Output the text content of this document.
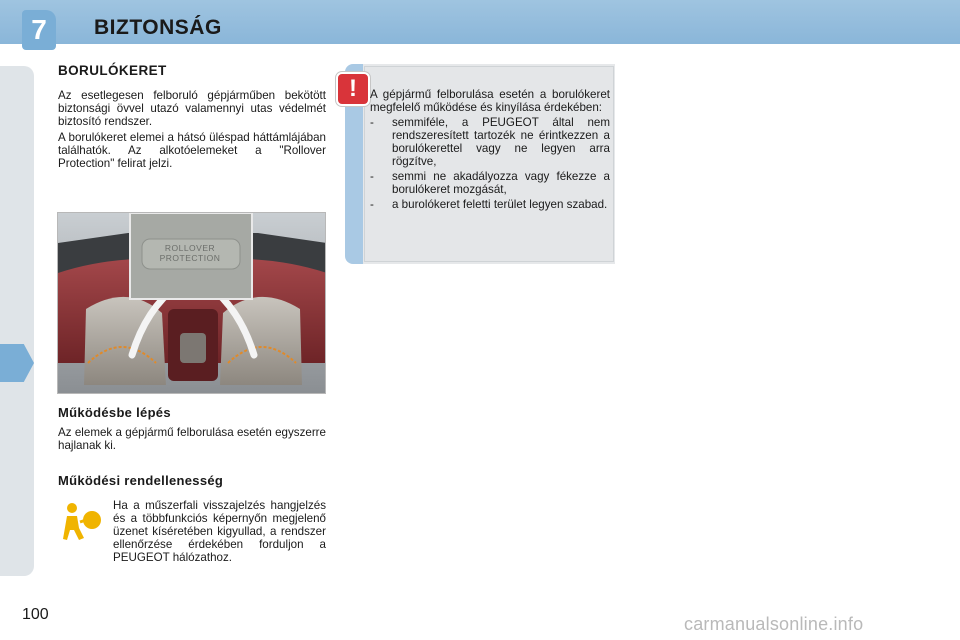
7	BIZTONSÁG
BORULÓKERET

Az esetlegesen felboruló gépjárműben bekötött biztonsági övvel utazó valamennyi utas védelmét biztosító rendszer.

A borulókeret elemei a hátsó üléspad háttámlájában találhatók. Az alkotóelemeket a "Rollover Protection" felirat jelzi.

ROLLOVER
PROTECTION
Működésbe lépés

Az elemek a gépjármű felborulása esetén egyszerre hajlanak ki.

Működési rendellenesség

Ha a műszerfali visszajelzés hangjelzés és a többfunkciós képernyőn megjelenő üzenet kíséretében kigyullad, a rendszer ellenőrzése érdekében forduljon a PEUGEOT hálózathoz.

!	A gépjármű felborulása esetén a borulókeret megfelelő működése és kinyílása érdekében:

-	semmiféle, a PEUGEOT által nem rendszeresített tartozék ne érintkezzen a borulókerettel vagy ne legyen arra rögzítve,
-	semmi ne akadályozza vagy fékezze a borulókeret mozgását,
-	a burolókeret feletti terület legyen szabad.
100	carmanualsonline.info
